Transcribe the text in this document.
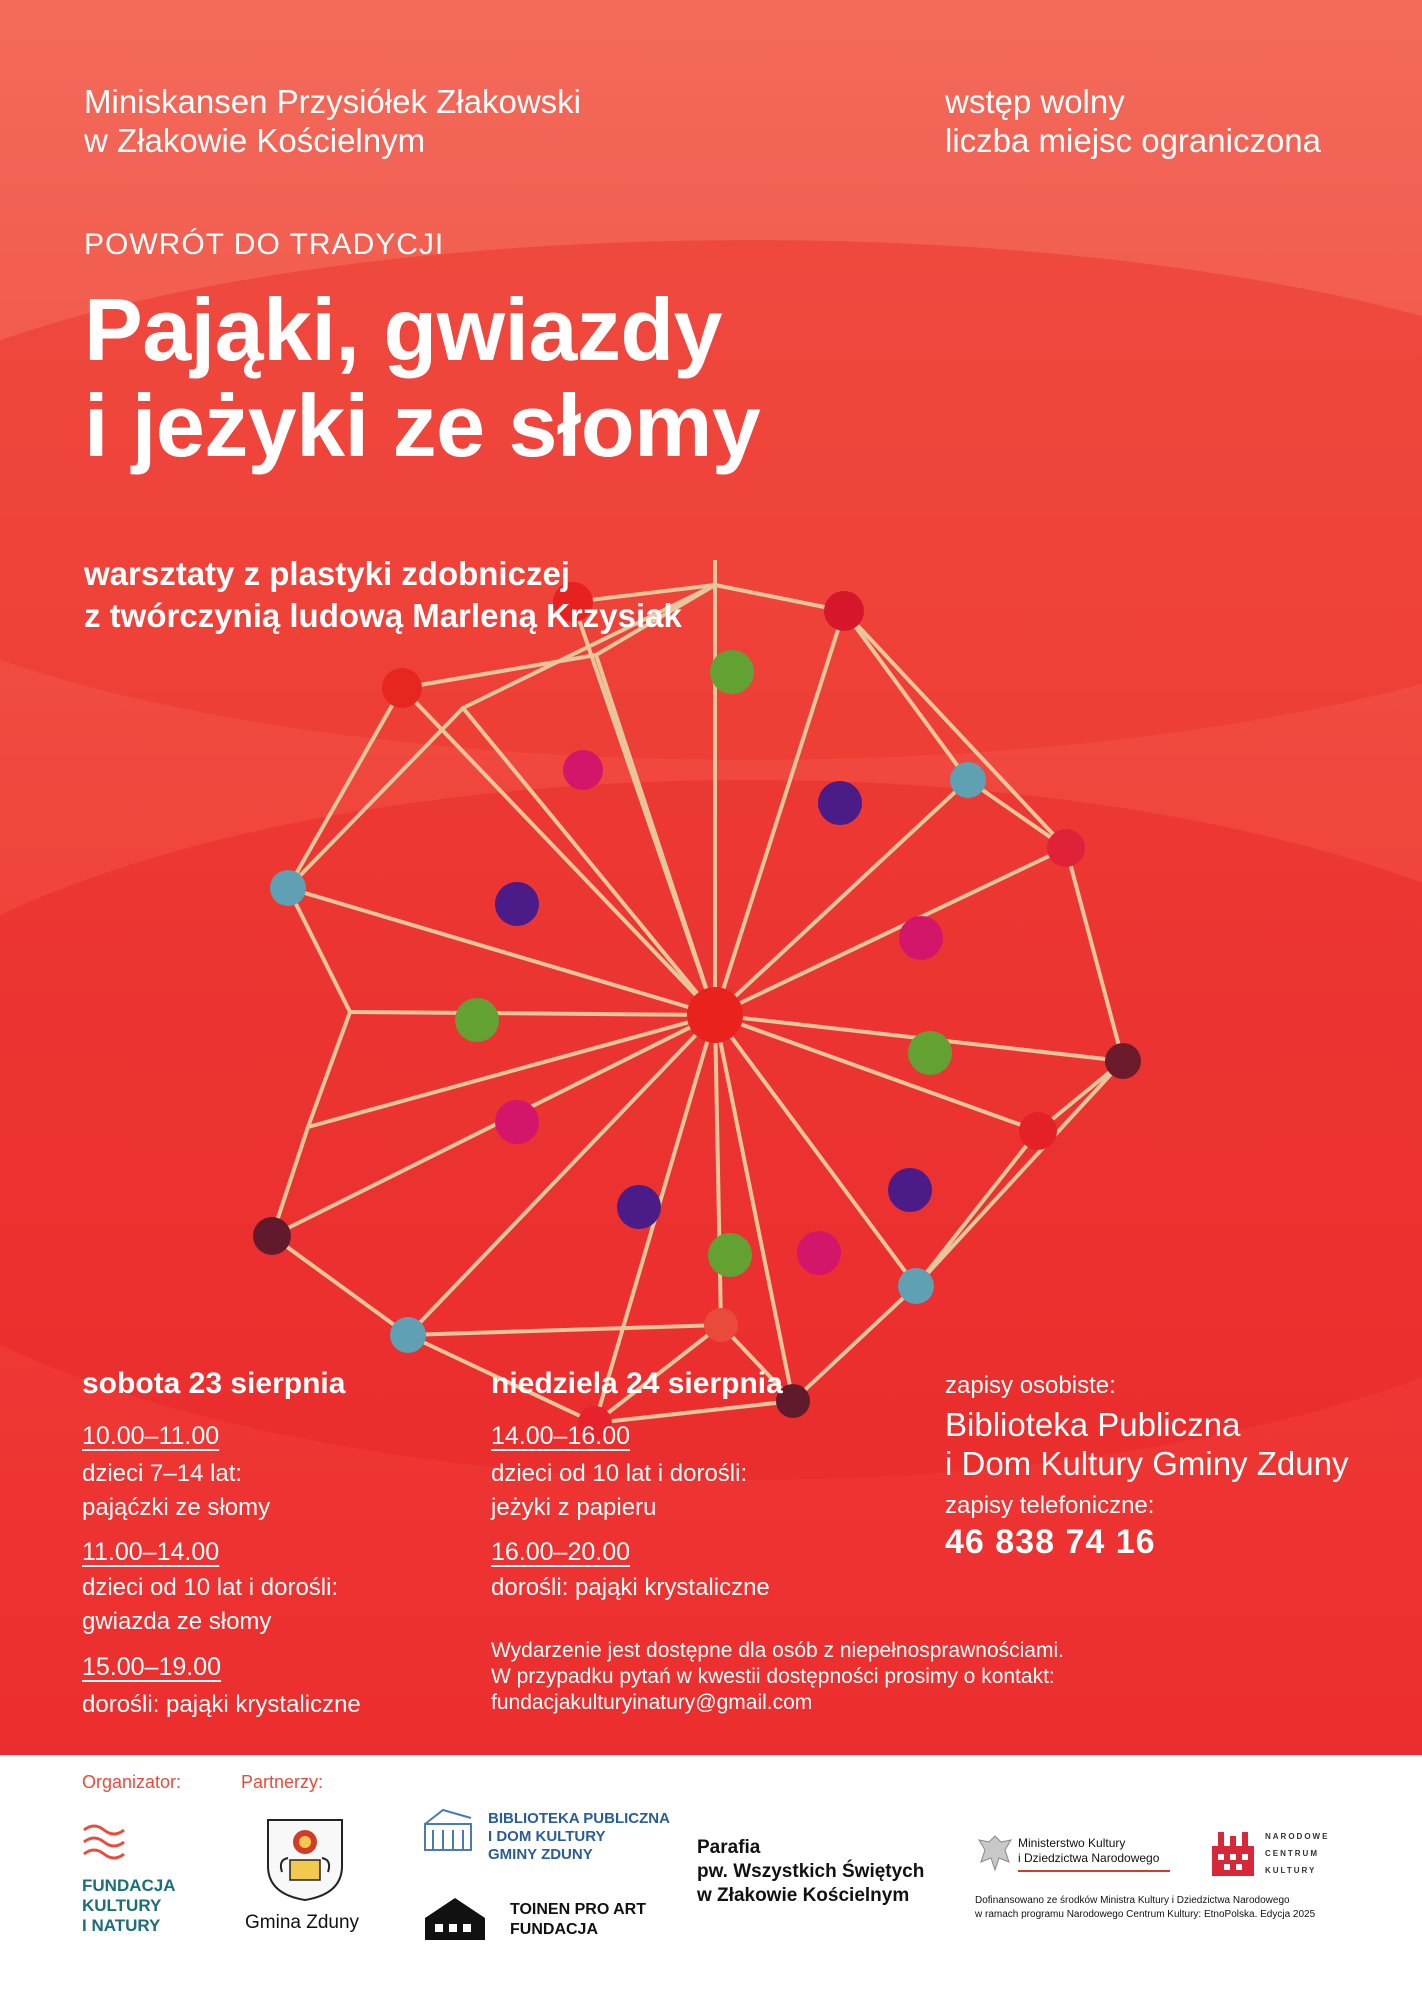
Miniskansen Przysiółek Złakowski
w Złakowie Kościelnym
wstęp wolny
liczba miejsc ograniczona
POWRÓT DO TRADYCJI
Pająki, gwiazdy
i jeżyki ze słomy
warsztaty z plastyki zdobniczej
z twórczynią ludową Marleną Krzysiak
sobota 23 sierpnia
10.00–11.00
dzieci 7–14 lat:
pająćzki ze słomy
11.00–14.00
dzieci od 10 lat i dorośli:
gwiazda ze słomy
15.00–19.00
dorośli: pająki krystaliczne
niedziela 24 sierpnia
14.00–16.00
dzieci od 10 lat i dorośli:
jeżyki z papieru
16.00–20.00
dorośli: pająki krystaliczne
zapisy osobiste:
Biblioteka Publiczna
i Dom Kultury Gminy Zduny
zapisy telefoniczne:
46 838 74 16
Wydarzenie jest dostępne dla osób z niepełnosprawnościami.
W przypadku pytań w kwestii dostępności prosimy o kontakt:
fundacjakulturyinatury@gmail.com
Organizator:	Partnerzy:
FUNDACJA
KULTURY
I NATURY	Gmina Zduny
BIBLIOTEKA PUBLICZNA
I DOM KULTURY
GMINY ZDUNY
TOINEN PRO ART
FUNDACJA
Parafia
pw. Wszystkich Świętych
w Złakowie Kościelnym
Ministerstwo Kultury
i Dziedzictwa Narodowego
NARODOWE
CENTRUM
KULTURY
Dofinansowano ze środków Ministra Kultury i Dziedzictwa Narodowego
w ramach programu Narodowego Centrum Kultury: EtnoPolska. Edycja 2025
